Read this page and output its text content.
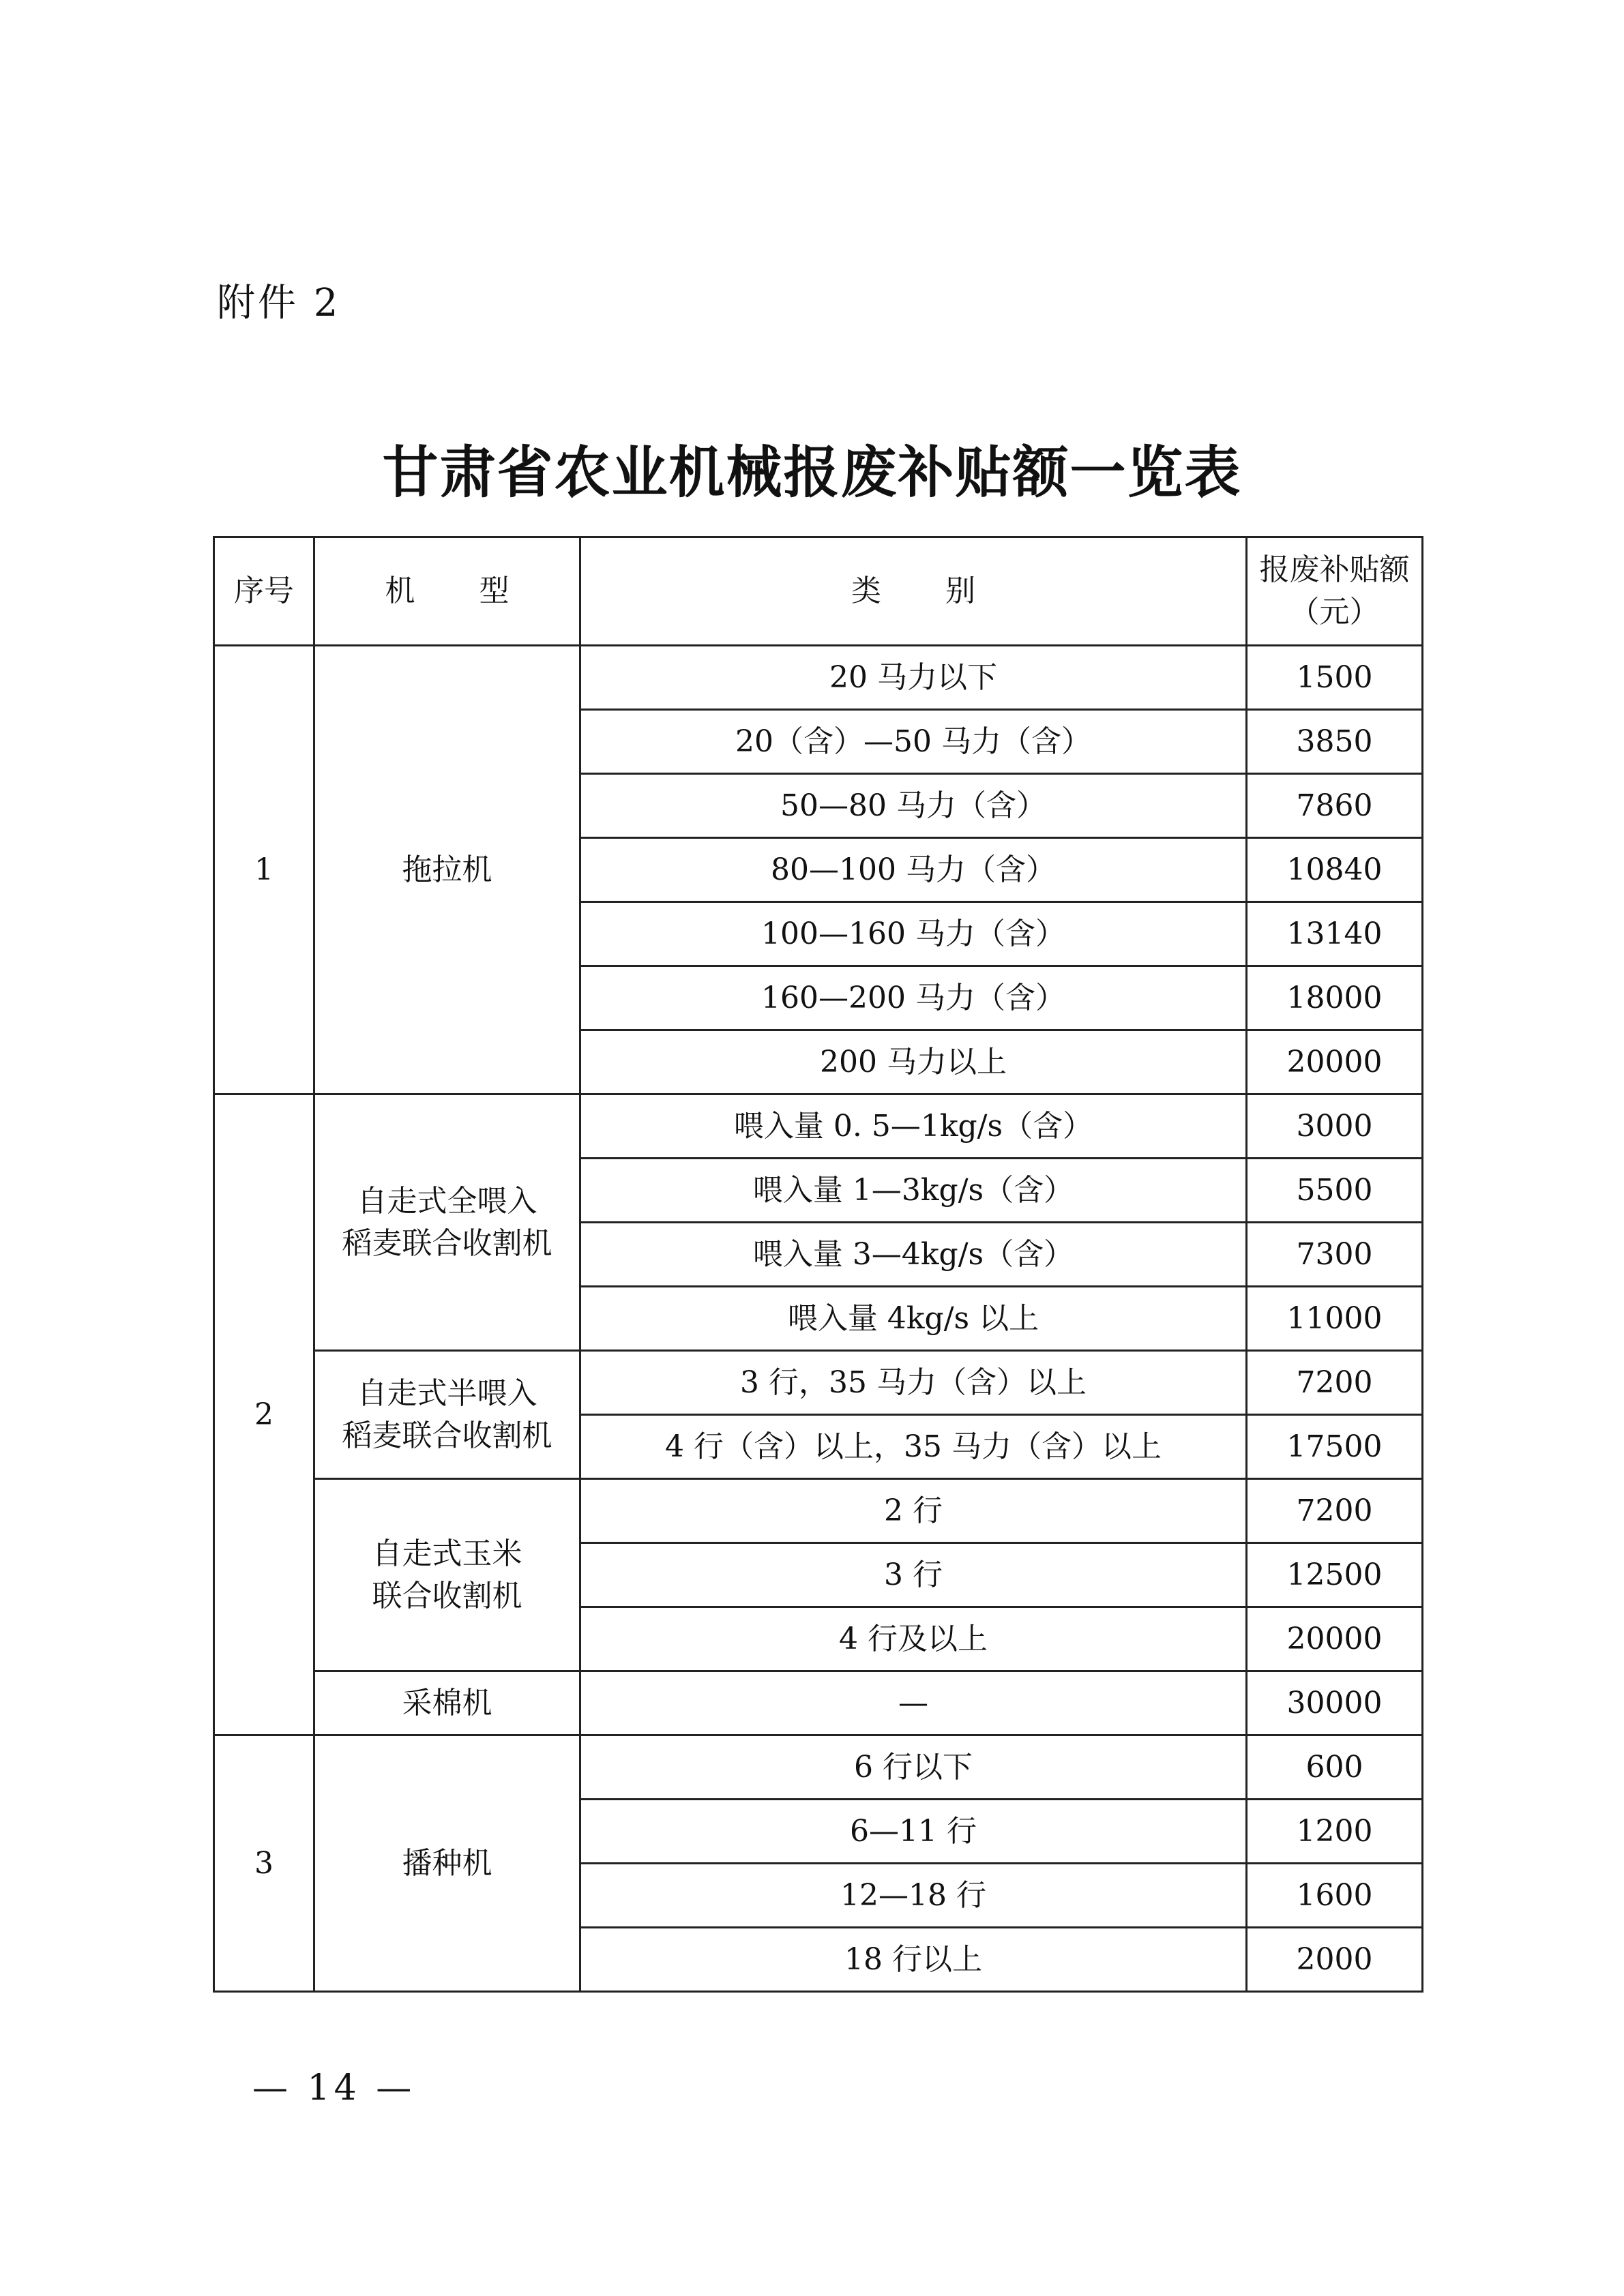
附件 2
甘肃省农业机械报废补贴额一览表
序号	机 型	类 别	报废补贴额
（元）

1	拖拉机	20 马力以下	1500
		20（含）—50 马力（含）	3850
		50—80 马力（含）	7860
		80—100 马力（含）	10840
		100—160 马力（含）	13140
		160—200 马力（含）	18000
		200 马力以上	20000
2	自走式全喂入
稻麦联合收割机	喂入量 0. 5—1kg/s（含）	3000
		喂入量 1—3kg/s（含）	5500
		喂入量 3—4kg/s（含）	7300
		喂入量 4kg/s 以上	11000

	自走式半喂入
稻麦联合收割机	3 行，35 马力（含）以上	7200
		4 行（含）以上，35 马力（含）以上	17500

	自走式玉米
联合收割机	2 行	7200
		3 行	12500
		4 行及以上	20000
	采棉机	—	30000
3	播种机	6 行以下	600
		6—11 行	1200
		12—18 行	1600
		18 行以上	2000
— 14 —
